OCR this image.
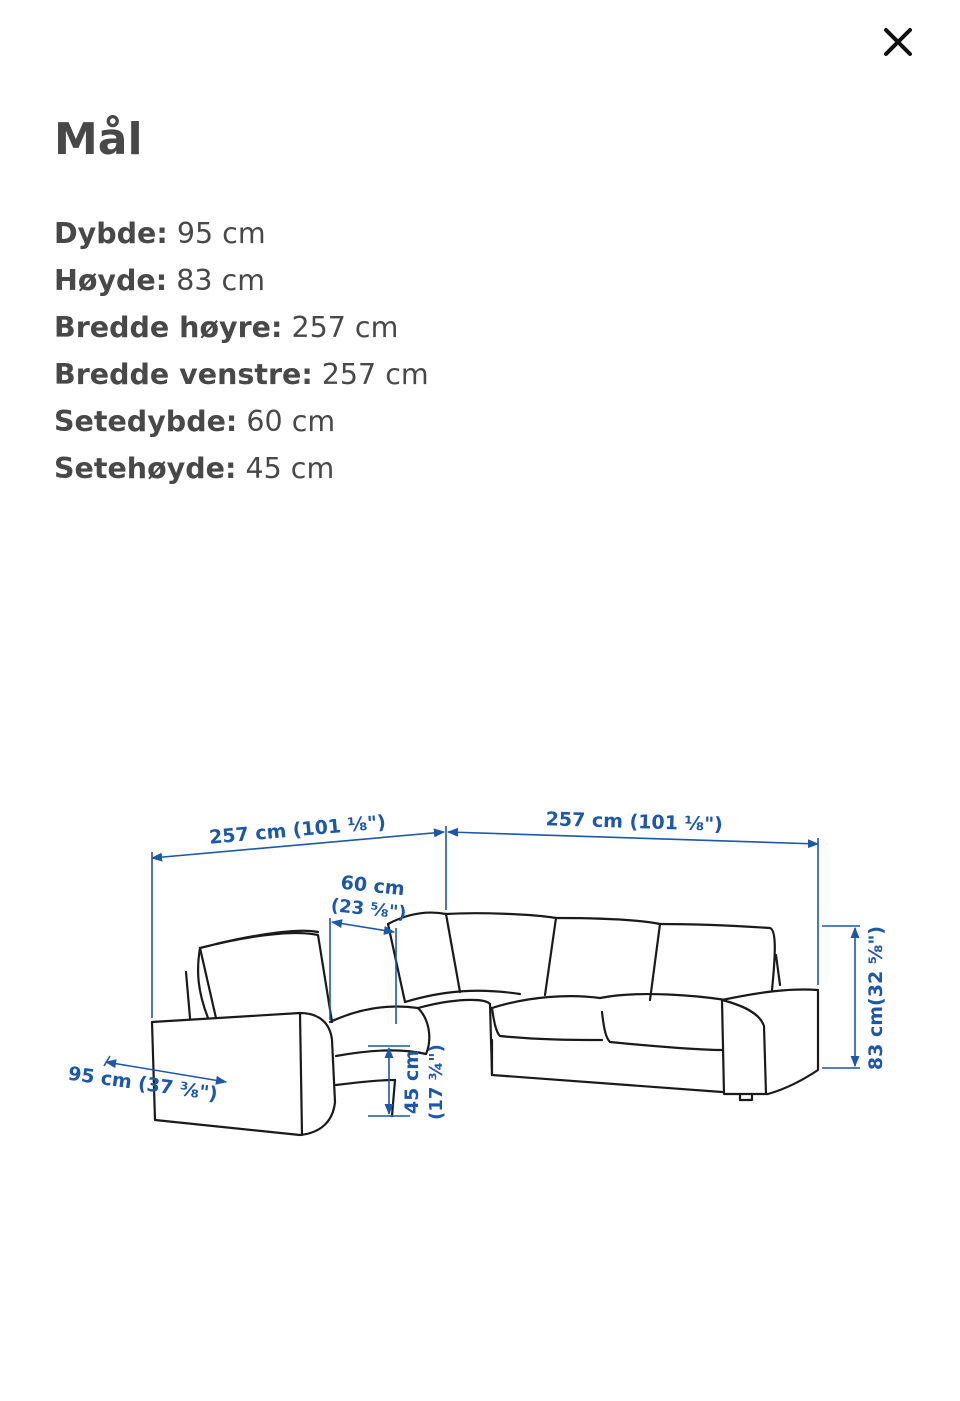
Mål
Dybde: 95 cm
Høyde: 83 cm
Bredde høyre: 257 cm
Bredde venstre: 257 cm
Setedybde: 60 cm
Setehøyde: 45 cm
257 cm (101 ⅛")	257 cm (101 ⅛")
60 cm
(23 ⅝")
95 cm (37 ⅜")	45 cm (17 ¾")
83 cm(32 ⅝")
